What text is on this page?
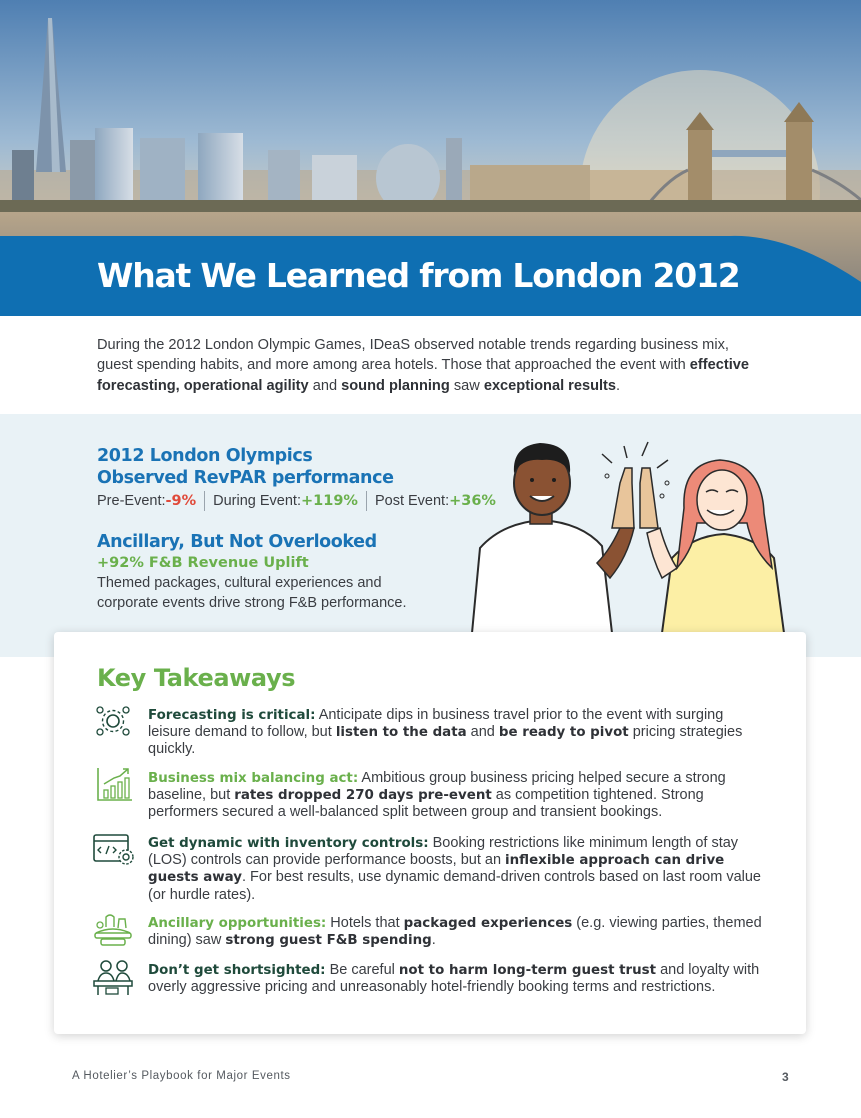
What We Learned from London 2012

During the 2012 London Olympic Games, IDeaS observed notable trends regarding business mix, guest spending habits, and more among area hotels. Those that approached the event with effective forecasting, operational agility and sound planning saw exceptional results.

2012 London Olympics
Observed RevPAR performance
Pre-Event: -9% During Event: +119% Post Event: +36%
Ancillary, But Not Overlooked
+92% F&B Revenue Uplift
Themed packages, cultural experiences and corporate events drive strong F&B performance.
Key Takeaways

Forecasting is critical: Anticipate dips in business travel prior to the event with surging leisure demand to follow, but listen to the data and be ready to pivot pricing strategies quickly.

Business mix balancing act: Ambitious group business pricing helped secure a strong baseline, but rates dropped 270 days pre-event as competition tightened. Strong performers secured a well-balanced split between group and transient bookings.

Get dynamic with inventory controls: Booking restrictions like minimum length of stay (LOS) controls can provide performance boosts, but an inflexible approach can drive guests away. For best results, use dynamic demand-driven controls based on last room value (or hurdle rates).

Ancillary opportunities: Hotels that packaged experiences (e.g. viewing parties, themed dining) saw strong guest F&B spending.

Don’t get shortsighted: Be careful not to harm long-term guest trust and loyalty with overly aggressive pricing and unreasonably hotel-friendly booking terms and restrictions.

A Hotelier’s Playbook for Major Events	3
